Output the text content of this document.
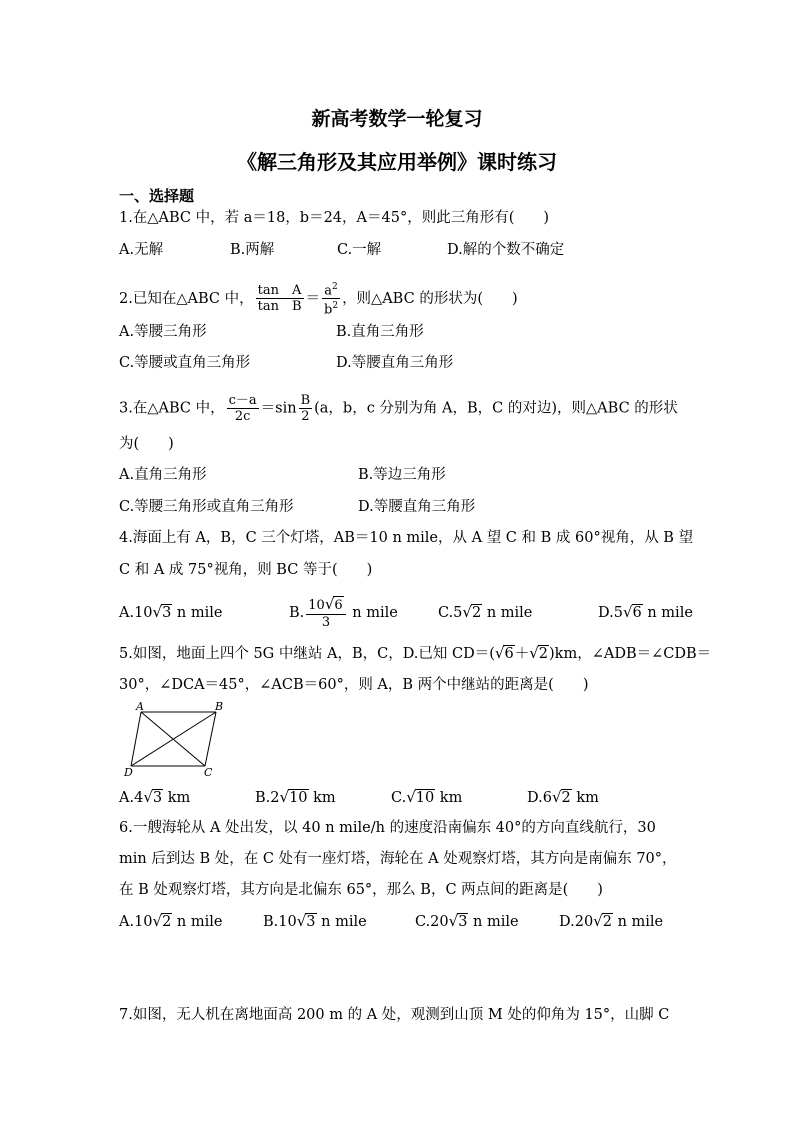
新高考数学一轮复习
《解三角形及其应用举例》课时练习
一、选择题
1.在△ABC 中，若 a＝18，b＝24，A＝45°，则此三角形有(　　)
A.无解	B.两解	C.一解	D.解的个数不确定
2.已知在△ABC 中， $\frac{\text{tan　A}}{\text{tan　B}} = \frac{a^2}{b^2}$ ，则△ABC 的形状为(　　)
A.等腰三角形	B.直角三角形
C.等腰或直角三角形	D.等腰直角三角形
3.在△ABC 中， $\frac{c-a}{2c} =\sin \frac{B}{2} (a$，b，c 分别为角 A，B，C 的对边)，则△ABC 的形状
为(　　)
A.直角三角形	B.等边三角形
C.等腰三角形或直角三角形	D.等腰直角三角形
4.海面上有 A，B，C 三个灯塔，AB＝10 n mile，从 A 望 C 和 B 成 60°视角，从 B 望
C 和 A 成 75°视角，则 BC 等于(　　)
A.10√3 n mile	B. $\frac{10√6}{3}$ n mile	C.5√2 n mile	D.5√6 n mile
5.如图，地面上四个 5G 中继站 A，B，C，D.已知 CD＝(√6＋√2)km，∠ADB＝∠CDB＝
30°，∠DCA＝45°，∠ACB＝60°，则 A，B 两个中继站的距离是(　　)
A	B
C
D
A.4√3 km	B.2√10 km	C.√10 km	D.6√2 km
6.一艘海轮从 A 处出发，以 40 n mile/h 的速度沿南偏东 40°的方向直线航行，30
min 后到达 B 处，在 C 处有一座灯塔，海轮在 A 处观察灯塔，其方向是南偏东 70°，
在 B 处观察灯塔，其方向是北偏东 65°，那么 B，C 两点间的距离是(　　)
A.10√2 n mile	B.10√3 n mile	C.20√3 n mile	D.20√2 n mile
7.如图，无人机在离地面高 200 m 的 A 处，观测到山顶 M 处的仰角为 15°，山脚 C
